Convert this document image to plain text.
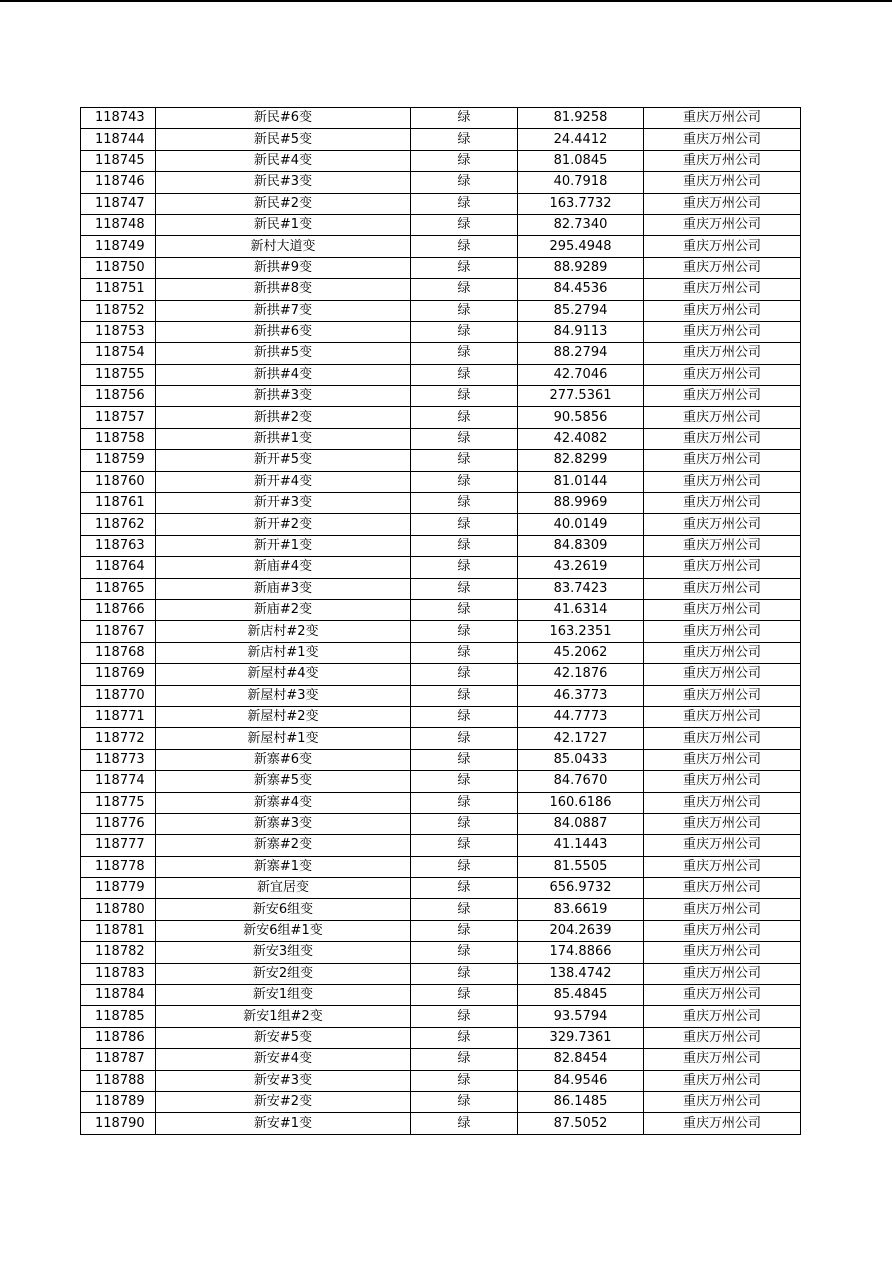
118743	新民#6变	绿	81.9258	重庆万州公司
118744	新民#5变	绿	24.4412	重庆万州公司
118745	新民#4变	绿	81.0845	重庆万州公司
118746	新民#3变	绿	40.7918	重庆万州公司
118747	新民#2变	绿	163.7732	重庆万州公司
118748	新民#1变	绿	82.7340	重庆万州公司
118749	新村大道变	绿	295.4948	重庆万州公司
118750	新拱#9变	绿	88.9289	重庆万州公司
118751	新拱#8变	绿	84.4536	重庆万州公司
118752	新拱#7变	绿	85.2794	重庆万州公司
118753	新拱#6变	绿	84.9113	重庆万州公司
118754	新拱#5变	绿	88.2794	重庆万州公司
118755	新拱#4变	绿	42.7046	重庆万州公司
118756	新拱#3变	绿	277.5361	重庆万州公司
118757	新拱#2变	绿	90.5856	重庆万州公司
118758	新拱#1变	绿	42.4082	重庆万州公司
118759	新开#5变	绿	82.8299	重庆万州公司
118760	新开#4变	绿	81.0144	重庆万州公司
118761	新开#3变	绿	88.9969	重庆万州公司
118762	新开#2变	绿	40.0149	重庆万州公司
118763	新开#1变	绿	84.8309	重庆万州公司
118764	新庙#4变	绿	43.2619	重庆万州公司
118765	新庙#3变	绿	83.7423	重庆万州公司
118766	新庙#2变	绿	41.6314	重庆万州公司
118767	新店村#2变	绿	163.2351	重庆万州公司
118768	新店村#1变	绿	45.2062	重庆万州公司
118769	新屋村#4变	绿	42.1876	重庆万州公司
118770	新屋村#3变	绿	46.3773	重庆万州公司
118771	新屋村#2变	绿	44.7773	重庆万州公司
118772	新屋村#1变	绿	42.1727	重庆万州公司
118773	新寨#6变	绿	85.0433	重庆万州公司
118774	新寨#5变	绿	84.7670	重庆万州公司
118775	新寨#4变	绿	160.6186	重庆万州公司
118776	新寨#3变	绿	84.0887	重庆万州公司
118777	新寨#2变	绿	41.1443	重庆万州公司
118778	新寨#1变	绿	81.5505	重庆万州公司
118779	新宜居变	绿	656.9732	重庆万州公司
118780	新安6组变	绿	83.6619	重庆万州公司
118781	新安6组#1变	绿	204.2639	重庆万州公司
118782	新安3组变	绿	174.8866	重庆万州公司
118783	新安2组变	绿	138.4742	重庆万州公司
118784	新安1组变	绿	85.4845	重庆万州公司
118785	新安1组#2变	绿	93.5794	重庆万州公司
118786	新安#5变	绿	329.7361	重庆万州公司
118787	新安#4变	绿	82.8454	重庆万州公司
118788	新安#3变	绿	84.9546	重庆万州公司
118789	新安#2变	绿	86.1485	重庆万州公司
118790	新安#1变	绿	87.5052	重庆万州公司
